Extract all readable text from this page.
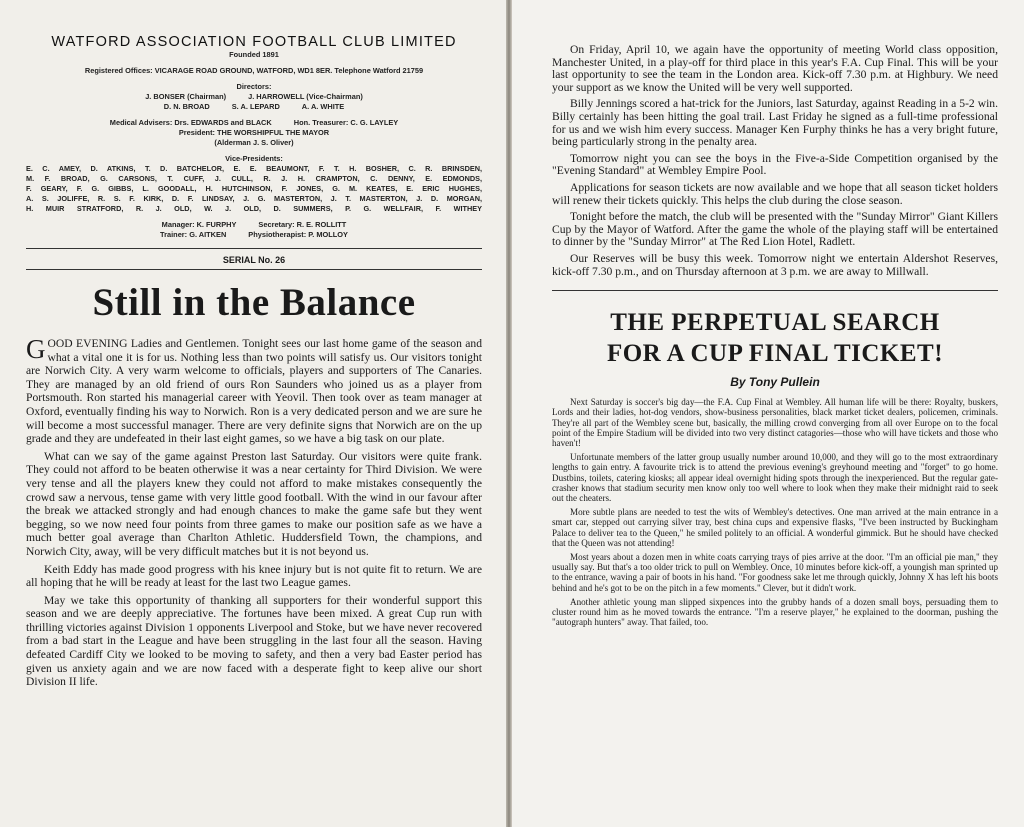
WATFORD ASSOCIATION FOOTBALL CLUB LIMITED
Founded 1891
Registered Offices: VICARAGE ROAD GROUND, WATFORD, WD1 8ER. Telephone Watford 21759
Directors:
J. BONSER (Chairman)	J. HARROWELL (Vice-Chairman)
D. N. BROAD	S. A. LEPARD	A. A. WHITE
Medical Advisers: Drs. EDWARDS and BLACK	Hon. Treasurer: C. G. LAYLEY
President: THE WORSHIPFUL THE MAYOR
(Alderman J. S. Oliver)
Vice-Presidents:
E. C. AMEY, D. ATKINS, T. D. BATCHELOR, E. E. BEAUMONT, F. T. H. BOSHER, C. R. BRINSDEN,
M. F. BROAD, G. CARSONS, T. CUFF, J. CULL, R. J. H. CRAMPTON, C. DENNY, E. EDMONDS,
F. GEARY, F. G. GIBBS, L. GOODALL, H. HUTCHINSON, F. JONES, G. M. KEATES, E. ERIC HUGHES,
A. S. JOLIFFE, R. S. F. KIRK, D. F. LINDSAY, J. G. MASTERTON, J. T. MASTERTON, J. D. MORGAN,
H. MUIR STRATFORD, R. J. OLD, W. J. OLD, D. SUMMERS, P. G. WELLFAIR, F. WITHEY
Manager: K. FURPHY	Secretary: R. E. ROLLITT
Trainer: G. AITKEN	Physiotherapist: P. MOLLOY
SERIAL No. 26
Still in the Balance

GOOD EVENING Ladies and Gentlemen. Tonight sees our last home game of the season and what a vital one it is for us. Nothing less than two points will satisfy us. Our visitors tonight are Norwich City. A very warm welcome to officials, players and supporters of The Canaries. They are managed by an old friend of ours Ron Saunders who joined us as a player from Portsmouth. Ron started his managerial career with Yeovil. Then took over as team manager at Oxford, eventually finding his way to Norwich. Ron is a very dedicated person and we are sure he will become a most successful manager. There are very definite signs that Norwich are on the up grade and they are undefeated in their last eight games, so we have a big task on our plate.

What can we say of the game against Preston last Saturday. Our visitors were quite frank. They could not afford to be beaten otherwise it was a near certainty for Third Division. We were very tense and all the players knew they could not afford to make mistakes consequently the crowd saw a nervous, tense game with very little good football. With the wind in our favour after the break we attacked strongly and had enough chances to make the game safe but they went begging, so we now need four points from three games to make our position safe as we have a much better goal average than Charlton Athletic. Huddersfield Town, the champions, and Norwich City, away, will be very difficult matches but it is not beyond us.

Keith Eddy has made good progress with his knee injury but is not quite fit to return. We are all hoping that he will be ready at least for the last two League games.

May we take this opportunity of thanking all supporters for their wonderful support this season and we are deeply appreciative. The fortunes have been mixed. A great Cup run with thrilling victories against Division 1 opponents Liverpool and Stoke, but we have never recovered from a bad start in the League and have been struggling in the last four all the season. Having defeated Cardiff City we looked to be moving to safety, and then a very bad Easter period has given us anxiety again and we are now faced with a desperate fight to keep alive our short Division II life.

On Friday, April 10, we again have the opportunity of meeting World class opposition, Manchester United, in a play-off for third place in this year's F.A. Cup Final. This will be your last opportunity to see the team in the London area. Kick-off 7.30 p.m. at Highbury. We need your support as we know the United will be very well supported.

Billy Jennings scored a hat-trick for the Juniors, last Saturday, against Reading in a 5-2 win. Billy certainly has been hitting the goal trail. Last Friday he signed as a full-time professional for us and we wish him every success. Manager Ken Furphy thinks he has a very bright future, being particularly strong in the penalty area.

Tomorrow night you can see the boys in the Five-a-Side Competition organised by the "Evening Standard" at Wembley Empire Pool.

Applications for season tickets are now available and we hope that all season ticket holders will renew their tickets quickly. This helps the club during the close season.

Tonight before the match, the club will be presented with the "Sunday Mirror" Giant Killers Cup by the Mayor of Watford. After the game the whole of the playing staff will be entertained to dinner by the "Sunday Mirror" at The Red Lion Hotel, Radlett.

Our Reserves will be busy this week. Tomorrow night we entertain Aldershot Reserves, kick-off 7.30 p.m., and on Thursday afternoon at 3 p.m. we are away to Millwall.

THE PERPETUAL SEARCH
FOR A CUP FINAL TICKET!
By Tony Pullein

Next Saturday is soccer's big day—the F.A. Cup Final at Wembley. All human life will be there: Royalty, buskers, Lords and their ladies, hot-dog vendors, show-business personalities, black market ticket dealers, policemen, criminals. They're all part of the Wembley scene but, basically, the milling crowd converging from all over Europe on to the focal point of the Empire Stadium will be divided into two very distinct catagories—those who will have tickets and those who haven't!

Unfortunate members of the latter group usually number around 10,000, and they will go to the most extraordinary lengths to gain entry. A favourite trick is to attend the previous evening's greyhound meeting and "forget" to go home. Dustbins, toilets, catering kiosks; all appear ideal overnight hiding spots through the inexperienced. But the regular gate-crasher knows that stadium security men know only too well where to look when they make their midnight raid to seek out the cheaters.

More subtle plans are needed to test the wits of Wembley's detectives. One man arrived at the main entrance in a smart car, stepped out carrying silver tray, best china cups and expensive flasks, "I've been instructed by Buckingham Palace to deliver tea to the Queen," he smiled politely to an official. A wonderful gimmick. But he should have checked that the Queen was not attending!

Most years about a dozen men in white coats carrying trays of pies arrive at the door. "I'm an official pie man," they usually say. But that's a too older trick to pull on Wembley. Once, 10 minutes before kick-off, a youngish man sprinted up to the entrance, waving a pair of boots in his hand. "For goodness sake let me through quickly, Johnny X has left his boots behind and he's got to be on the pitch in a few moments." Clever, but it didn't work.

Another athletic young man slipped sixpences into the grubby hands of a dozen small boys, persuading them to cluster round him as he moved towards the entrance. "I'm a reserve player," he explained to the doorman, pushing the "autograph hunters" away. That failed, too.
